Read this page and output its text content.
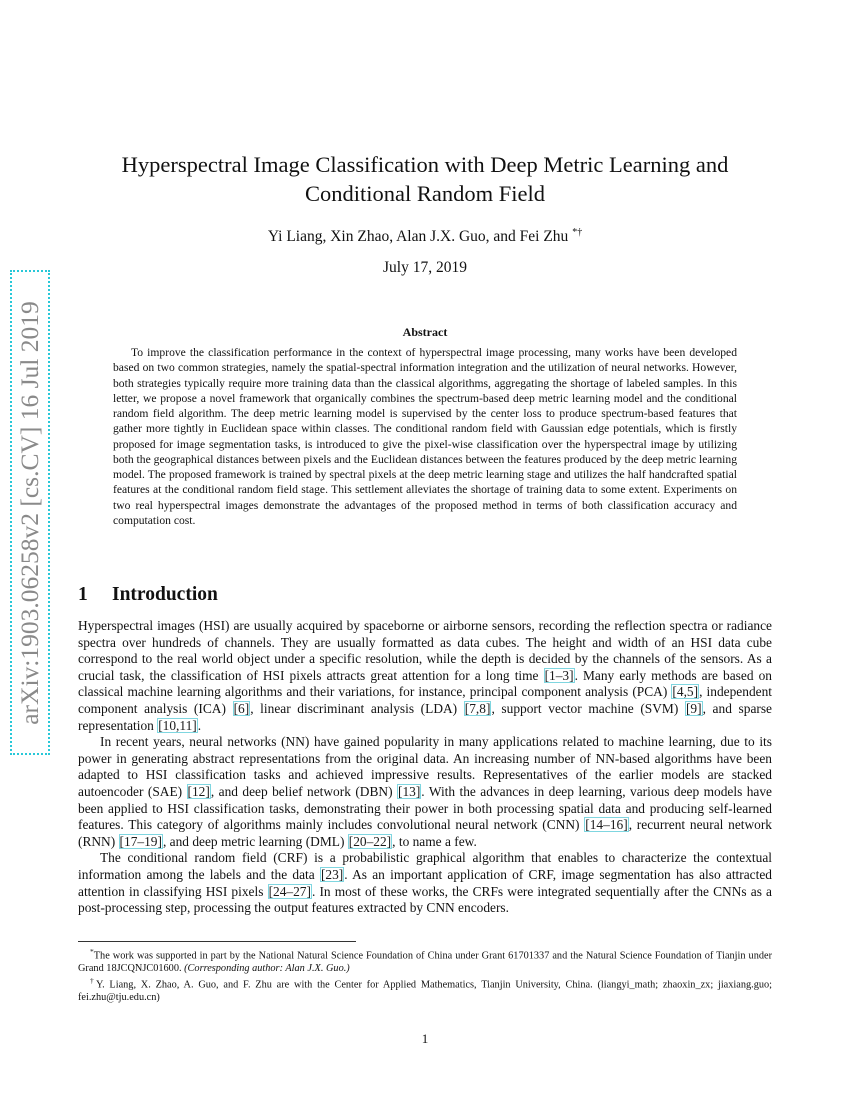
arXiv:1903.06258v2 [cs.CV] 16 Jul 2019
Hyperspectral Image Classification with Deep Metric Learning and Conditional Random Field
Yi Liang, Xin Zhao, Alan J.X. Guo, and Fei Zhu *†
July 17, 2019
Abstract

To improve the classification performance in the context of hyperspectral image processing, many works have been developed based on two common strategies, namely the spatial-spectral information integration and the utilization of neural networks. However, both strategies typically require more training data than the classical algorithms, aggregating the shortage of labeled samples. In this letter, we propose a novel framework that organically combines the spectrum-based deep metric learning model and the conditional random field algorithm. The deep metric learning model is supervised by the center loss to produce spectrum-based features that gather more tightly in Euclidean space within classes. The conditional random field with Gaussian edge potentials, which is firstly proposed for image segmentation tasks, is introduced to give the pixel-wise classification over the hyperspectral image by utilizing both the geographical distances between pixels and the Euclidean distances between the features produced by the deep metric learning model. The proposed framework is trained by spectral pixels at the deep metric learning stage and utilizes the half handcrafted spatial features at the conditional random field stage. This settlement alleviates the shortage of training data to some extent. Experiments on two real hyperspectral images demonstrate the advantages of the proposed method in terms of both classification accuracy and computation cost.

1 Introduction

Hyperspectral images (HSI) are usually acquired by spaceborne or airborne sensors, recording the reflection spectra or radiance spectra over hundreds of channels. They are usually formatted as data cubes. The height and width of an HSI data cube correspond to the real world object under a specific resolution, while the depth is decided by the channels of the sensors. As a crucial task, the classification of HSI pixels attracts great attention for a long time [1–3]. Many early methods are based on classical machine learning algorithms and their variations, for instance, principal component analysis (PCA) [4,5], independent component analysis (ICA) [6], linear discriminant analysis (LDA) [7,8], support vector machine (SVM) [9], and sparse representation [10,11].

In recent years, neural networks (NN) have gained popularity in many applications related to machine learning, due to its power in generating abstract representations from the original data. An increasing number of NN-based algorithms have been adapted to HSI classification tasks and achieved impressive results. Representatives of the earlier models are stacked autoencoder (SAE) [12], and deep belief network (DBN) [13]. With the advances in deep learning, various deep models have been applied to HSI classification tasks, demonstrating their power in both processing spatial data and producing self-learned features. This category of algorithms mainly includes convolutional neural network (CNN) [14–16], recurrent neural network (RNN) [17–19], and deep metric learning (DML) [20–22], to name a few.

The conditional random field (CRF) is a probabilistic graphical algorithm that enables to characterize the contextual information among the labels and the data [23]. As an important application of CRF, image segmentation has also attracted attention in classifying HSI pixels [24–27]. In most of these works, the CRFs were integrated sequentially after the CNNs as a post-processing step, processing the output features extracted by CNN encoders.

*The work was supported in part by the National Natural Science Foundation of China under Grant 61701337 and the Natural Science Foundation of Tianjin under Grand 18JCQNJC01600. (Corresponding author: Alan J.X. Guo.)

†Y. Liang, X. Zhao, A. Guo, and F. Zhu are with the Center for Applied Mathematics, Tianjin University, China. (liangyi_math; zhaoxin_zx; jiaxiang.guo; fei.zhu@tju.edu.cn)

1
